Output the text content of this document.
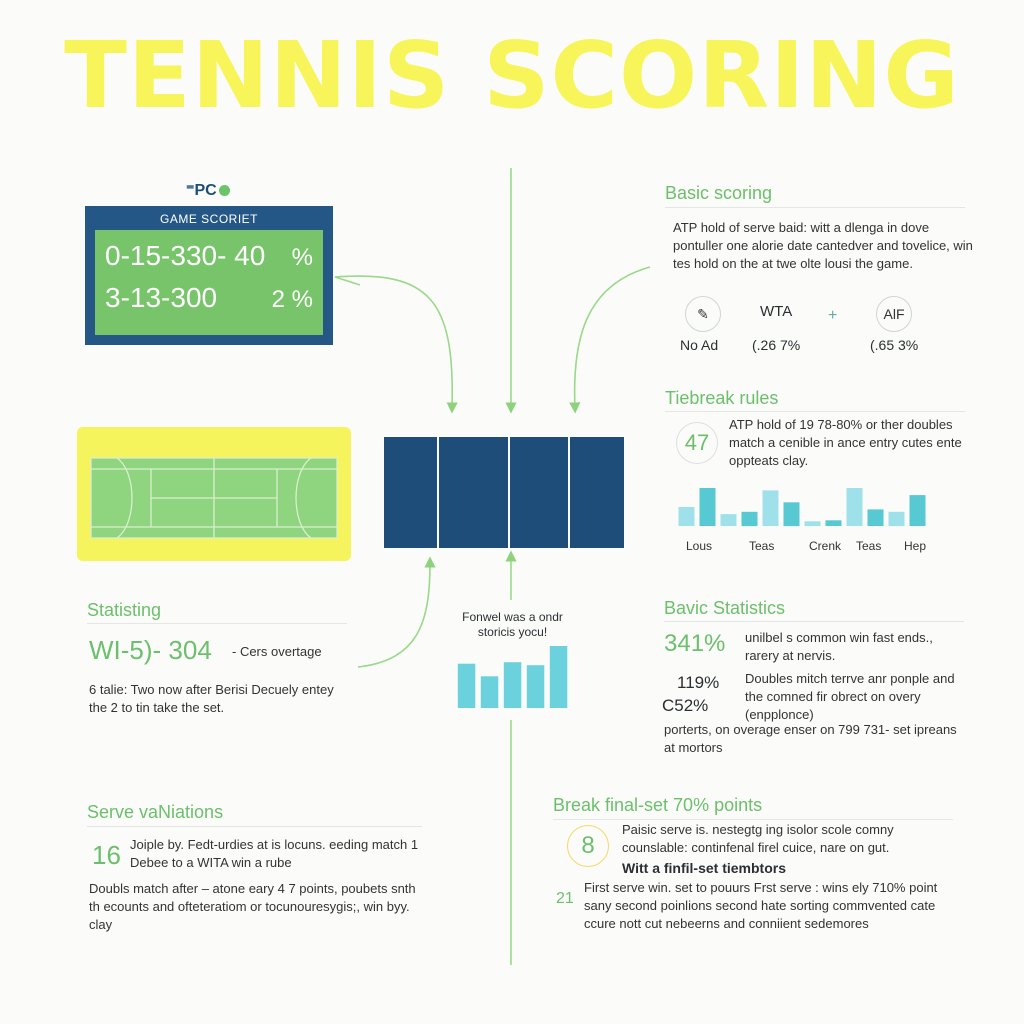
TENNIS SCORING
⁼PC
GAME SCORIET
0-15-330- 40 %
3-13-300 2 %
Basic scoring
ATP hold of serve baid: witt a dlenga in dove pontuller one alorie date cantedver and tovelice, win tes hold on the at twe olte lousi the game.
✎	WTA +	AlF
No Ad (.26 7%	(.65 3%
Tiebreak rules
47
ATP hold of 19 78-80% or ther doubles match a cenible in ance entry cutes ente oppteats clay.
Lous	Teas	Crenk Teas Hep
Statisting
WI-5)- 304 - Cers overtage
6 talie: Two now after Berisi Decuely entey the 2 to tin take the set.
Bavic Statistics
341% unilbel s common win fast ends., rarery at nervis.
119%
C52%
Doubles mitch terrve anr ponple and the comned fir obrect on overy (enpplonce)
porterts, on overage enser on 799 731- set ipreans at mortors
Fonwel was a ondr storicis yocu!
Serve vaNiations
16 Joiple by. Fedt-urdies at is locuns. eeding match 1 Debee to a WITA win a rube
Doubls match after – atone eary 4 7 points, poubets snth th ecounts and ofteteratiom or tocunouresygis;, win byy. clay
Break final-set 70% points
8
Paisic serve is. nestegtg ing isolor scole comny counslable: continfenal firel cuice, nare on gut.
Witt a finfil-set tiembtors
21
First serve win. set to pouurs Frst serve : wins ely 710% point sany second poinlions second hate sorting commvented cate ccure nott cut nebeerns and conniient sedemores
